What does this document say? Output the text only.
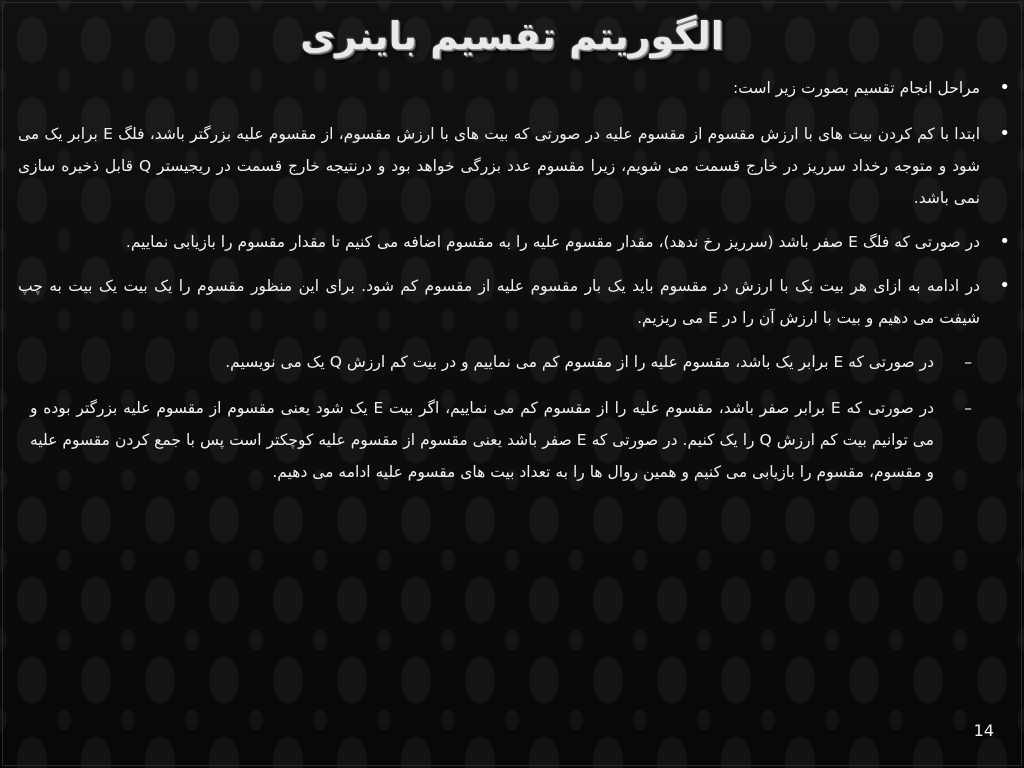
الگوریتم تقسیم باینری
•
مراحل انجام تقسیم بصورت زیر است:
•
ابتدا با کم کردن بیت های با ارزش مقسوم از مقسوم علیه در صورتی که بیت های با ارزش مقسوم، از مقسوم علیه بزرگتر باشد، فلگ E برابر یک می شود و متوجه رخداد سرریز در خارج قسمت می شویم، زیرا مقسوم عدد بزرگی خواهد بود و درنتیجه خارج قسمت در ریجیستر Q قابل ذخیره سازی نمی باشد.
•
در صورتی که فلگ E صفر باشد (سرریز رخ ندهد)، مقدار مقسوم علیه را به مقسوم اضافه می کنیم تا مقدار مقسوم را بازیابی نماییم.
•
در ادامه به ازای هر بیت یک با ارزش در مقسوم باید یک بار مقسوم علیه از مقسوم کم شود. برای این منظور مقسوم را یک بیت یک بیت به چپ شیفت می دهیم و بیت با ارزش آن را در E می ریزیم.
–
در صورتی که E برابر یک باشد، مقسوم علیه را از مقسوم کم می نماییم و در بیت کم ارزش Q یک می نویسیم.
–
در صورتی که E برابر صفر باشد، مقسوم علیه را از مقسوم کم می نماییم، اگر بیت E یک شود یعنی مقسوم از مقسوم علیه بزرگتر بوده و می توانیم بیت کم ارزش Q را یک کنیم. در صورتی که E صفر باشد یعنی مقسوم از مقسوم علیه کوچکتر است پس با جمع کردن مقسوم علیه و مقسوم، مقسوم را بازیابی می کنیم و همین روال ها را به تعداد بیت های مقسوم علیه ادامه می دهیم.
14
